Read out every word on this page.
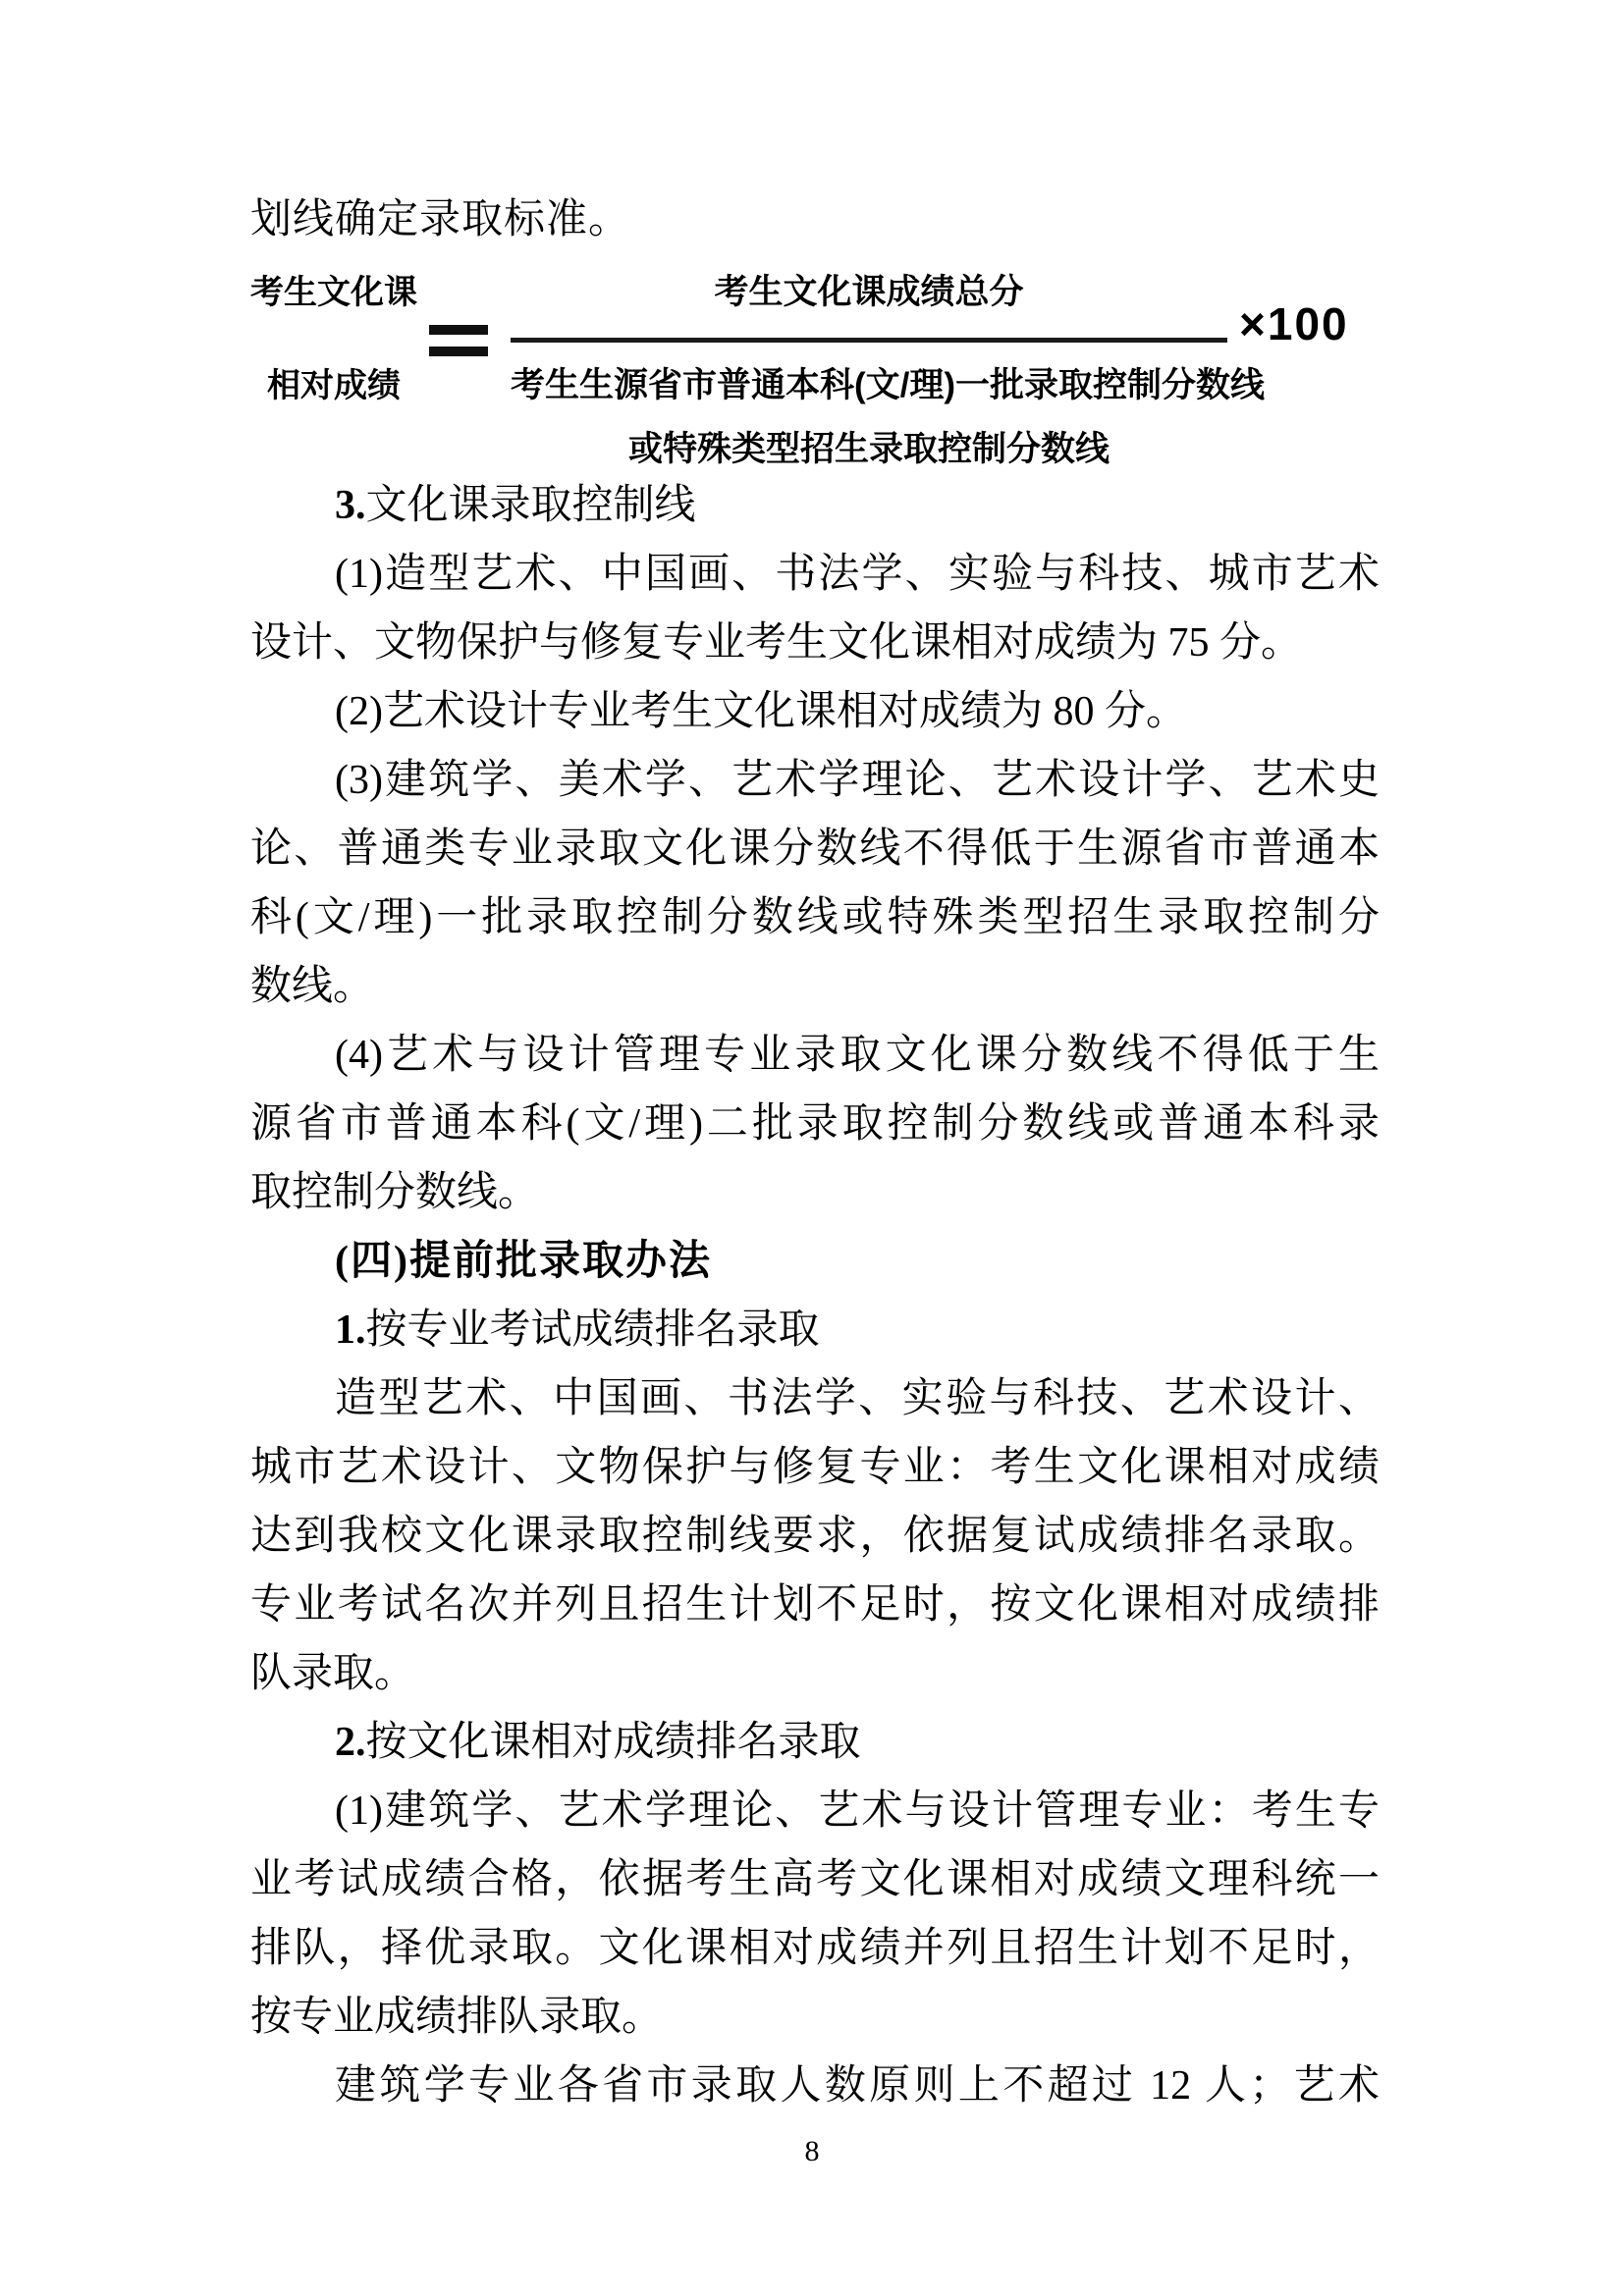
划线确定录取标准。
考生文化课
相对成绩
考生文化课成绩总分
考生生源省市普通本科(文/理)一批录取控制分数线
或特殊类型招生录取控制分数线
×100
3.文化课录取控制线
(1)造型艺术、中国画、书法学、实验与科技、城市艺术
设计、文物保护与修复专业考生文化课相对成绩为 75 分。
(2)艺术设计专业考生文化课相对成绩为 80 分。
(3)建筑学、美术学、艺术学理论、艺术设计学、艺术史
论、普通类专业录取文化课分数线不得低于生源省市普通本
科(文/理)一批录取控制分数线或特殊类型招生录取控制分
数线。
(4)艺术与设计管理专业录取文化课分数线不得低于生
源省市普通本科(文/理)二批录取控制分数线或普通本科录
取控制分数线。
(四)提前批录取办法
1.按专业考试成绩排名录取
造型艺术、中国画、书法学、实验与科技、艺术设计、
城市艺术设计、文物保护与修复专业：考生文化课相对成绩
达到我校文化课录取控制线要求，依据复试成绩排名录取。
专业考试名次并列且招生计划不足时，按文化课相对成绩排
队录取。
2.按文化课相对成绩排名录取
(1)建筑学、艺术学理论、艺术与设计管理专业：考生专
业考试成绩合格，依据考生高考文化课相对成绩文理科统一
排队，择优录取。文化课相对成绩并列且招生计划不足时，
按专业成绩排队录取。
建筑学专业各省市录取人数原则上不超过 12 人；艺术
8
